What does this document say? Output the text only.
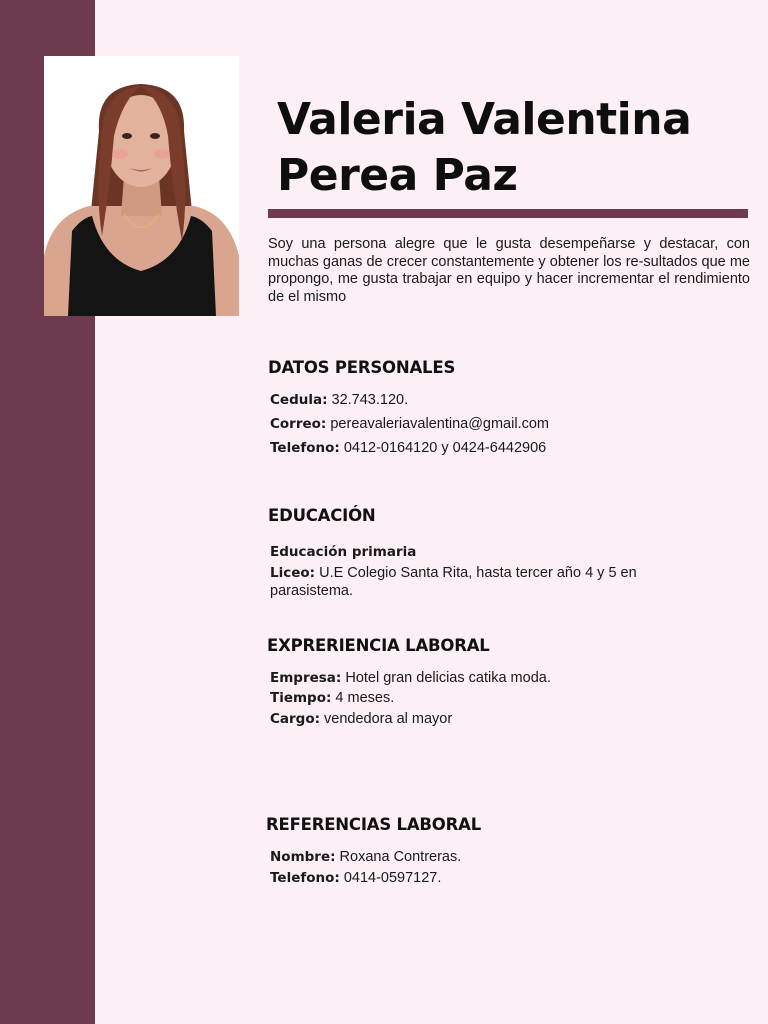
Valeria Valentina
Perea Paz

Soy una persona alegre que le gusta desempeñarse y destacar, con muchas ganas de crecer constantemente y obtener los re-sultados que me propongo, me gusta trabajar en equipo y hacer incrementar el rendimiento de el mismo

DATOS PERSONALES

Cedula: 32.743.120.

Correo: pereavaleriavalentina@gmail.com

Telefono: 0412-0164120 y 0424-6442906

EDUCACIÓN

Educación primaria

Liceo: U.E Colegio Santa Rita, hasta tercer año 4 y 5 en parasistema.

EXPRERIENCIA LABORAL

Empresa: Hotel gran delicias catika moda.

Tiempo: 4 meses.

Cargo: vendedora al mayor

REFERENCIAS LABORAL

Nombre: Roxana Contreras.

Telefono: 0414-0597127.
